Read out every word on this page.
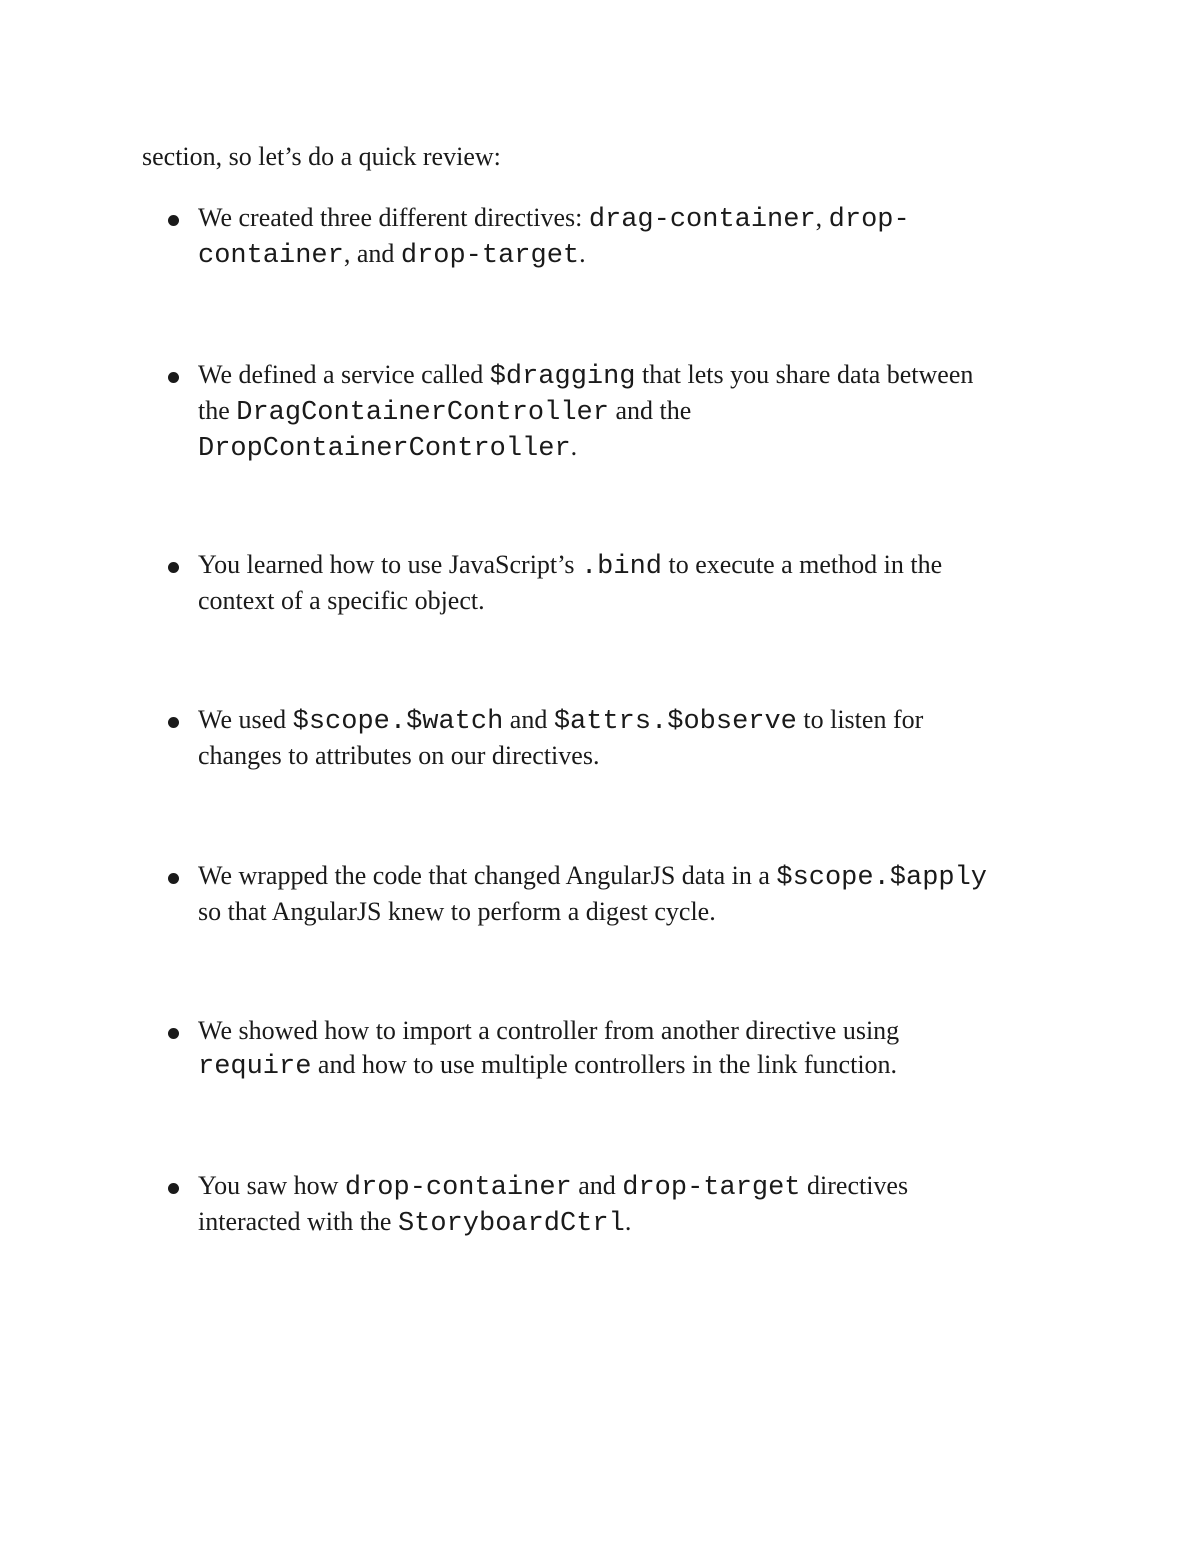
section, so let’s do a quick review:

We created three different directives: drag-container, drop-
container, and drop-target.

We defined a service called $dragging that lets you share data between
the DragContainerController and the
DropContainerController.

You learned how to use JavaScript’s .bind to execute a method in the
context of a specific object.

We used $scope.$watch and $attrs.$observe to listen for
changes to attributes on our directives.

We wrapped the code that changed AngularJS data in a $scope.$apply
so that AngularJS knew to perform a digest cycle.

We showed how to import a controller from another directive using
require and how to use multiple controllers in the link function.

You saw how drop-container and drop-target directives
interacted with the StoryboardCtrl.
